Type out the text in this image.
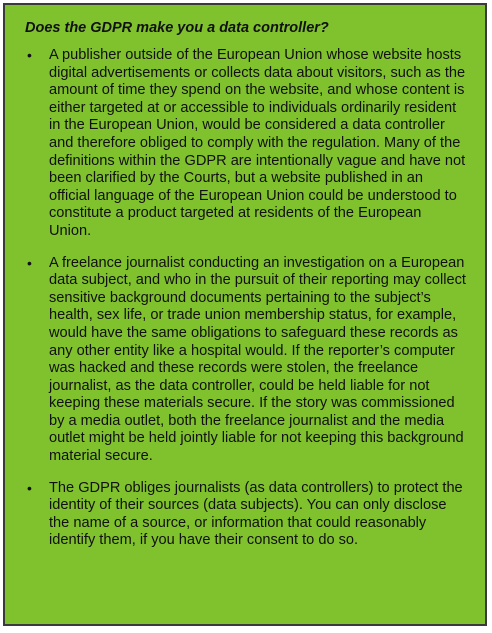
Does the GDPR make you a data controller?
•	A publisher outside of the European Union whose website hosts digital advertisements or collects data about visitors, such as the amount of time they spend on the website, and whose content is either targeted at or accessible to individuals ordinarily resident in the European Union, would be considered a data controller and therefore obliged to comply with the regulation. Many of the definitions within the GDPR are intentionally vague and have not been clarified by the Courts, but a website published in an official language of the European Union could be understood to constitute a product targeted at residents of the European Union.
•	A freelance journalist conducting an investigation on a European data subject, and who in the pursuit of their reporting may collect sensitive background documents pertaining to the subject’s health, sex life, or trade union membership status, for example, would have the same obligations to safeguard these records as any other entity like a hospital would. If the reporter’s computer was hacked and these records were stolen, the freelance journalist, as the data controller, could be held liable for not keeping these materials secure. If the story was commissioned by a media outlet, both the freelance journalist and the media outlet might be held jointly liable for not keeping this background material secure.
•	The GDPR obliges journalists (as data controllers) to protect the identity of their sources (data subjects). You can only disclose the name of a source, or information that could reasonably identify them, if you have their consent to do so.
